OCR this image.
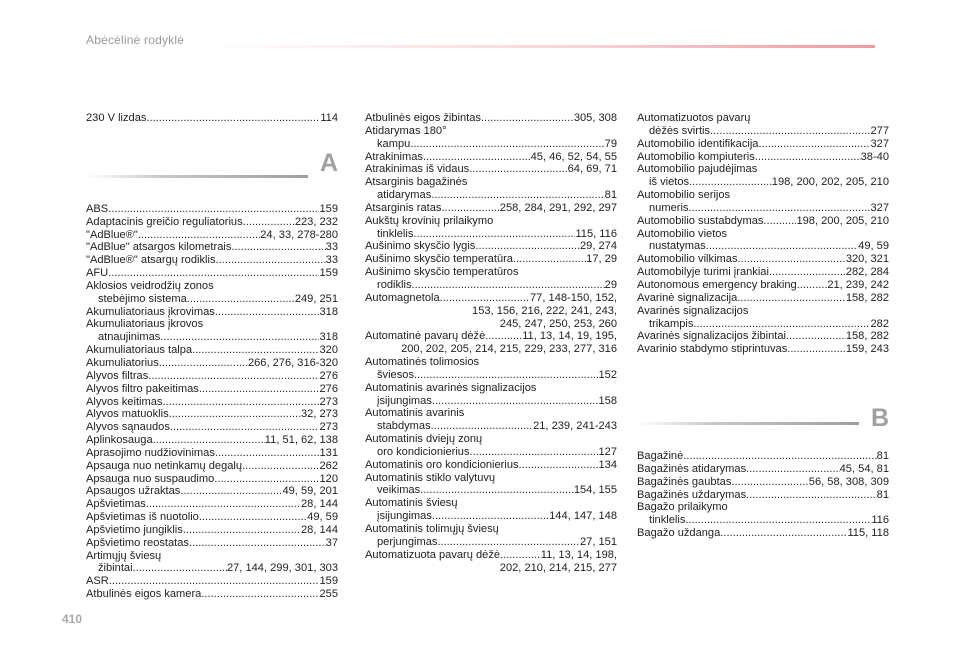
Abėcėlinė rodyklė
230 V lizdas .....	114
A
ABS .....	159
Adaptacinis greičio reguliatorius .....	223, 232
"AdBlue®" .....	24, 33, 278-280
"AdBlue" atsargos kilometrais .....	33
"AdBlue®" atsargų rodiklis .....	33
AFU .....	159
Aklosios veidrodžių zonos
stebėjimo sistema .....	249, 251
Akumuliatoriaus įkrovimas .....	318
Akumuliatoriaus įkrovos
atnaujinimas .....	318
Akumuliatoriaus talpa .....	320
Akumuliatorius .....	266, 276, 316-320
Alyvos filtras .....	276
Alyvos filtro pakeitimas .....	276
Alyvos keitimas .....	273
Alyvos matuoklis .....	32, 273
Alyvos sąnaudos .....	273
Aplinkosauga .....	11, 51, 62, 138
Aprasojimo nudžiovinimas .....	131
Apsauga nuo netinkamų degalų .....	262
Apsauga nuo suspaudimo .....	120
Apsaugos užraktas .....	49, 59, 201
Apšvietimas .....	28, 144
Apšvietimas iš nuotolio .....	49, 59
Apšvietimo jungiklis .....	28, 144
Apšvietimo reostatas .....	37
Artimųjų šviesų
žibintai .....	27, 144, 299, 301, 303
ASR .....	159
Atbulinės eigos kamera .....	255
Atbulinės eigos žibintas .....	305, 308
Atidarymas 180°
kampu .....	79
Atrakinimas .....	45, 46, 52, 54, 55
Atrakinimas iš vidaus .....	64, 69, 71
Atsarginis bagažinės
atidarymas .....	81
Atsarginis ratas .....	258, 284, 291, 292, 297
Aukštų krovinių prilaikymo
tinklelis .....	115, 116
Aušinimo skysčio lygis .....	29, 274
Aušinimo skysčio temperatūra .....	17, 29
Aušinimo skysčio temperatūros
rodiklis .....	29
Automagnetola .....	77, 148-150, 152,
153, 156, 216, 222, 241, 243,
245, 247, 250, 253, 260
Automatinė pavarų dėžė .....	11, 13, 14, 19, 195,
200, 202, 205, 214, 215, 229, 233, 277, 316
Automatinės tolimosios
šviesos .....	152
Automatinis avarinės signalizacijos
įsijungimas .....	158
Automatinis avarinis
stabdymas .....	21, 239, 241-243
Automatinis dviejų zonų
oro kondicionierius .....	127
Automatinis oro kondicionierius .....	134
Automatinis stiklo valytuvų
veikimas .....	154, 155
Automatinis šviesų
įsijungimas .....	144, 147, 148
Automatinis tolimųjų šviesų
perjungimas .....	27, 151
Automatizuota pavarų dėžė .....	11, 13, 14, 198,
202, 210, 214, 215, 277
Automatizuotos pavarų
dėžės svirtis .....	277
Automobilio identifikacija .....	327
Automobilio kompiuteris .....	38-40
Automobilio pajudėjimas
iš vietos .....	198, 200, 202, 205, 210
Automobilio serijos
numeris .....	327
Automobilio sustabdymas .....	198, 200, 205, 210
Automobilio vietos
nustatymas .....	49, 59
Automobilio vilkimas .....	320, 321
Automobilyje turimi įrankiai .....	282, 284
Autonomous emergency braking .....	21, 239, 242
Avarinė signalizacija .....	158, 282
Avarinės signalizacijos
trikampis .....	282
Avarinės signalizacijos žibintai .....	158, 282
Avarinio stabdymo stiprintuvas .....	159, 243
B
Bagažinė .....	81
Bagažinės atidarymas .....	45, 54, 81
Bagažinės gaubtas .....	56, 58, 308, 309
Bagažinės uždarymas .....	81
Bagažo prilaikymo
tinklelis .....	116
Bagažo uždanga .....	115, 118
410
